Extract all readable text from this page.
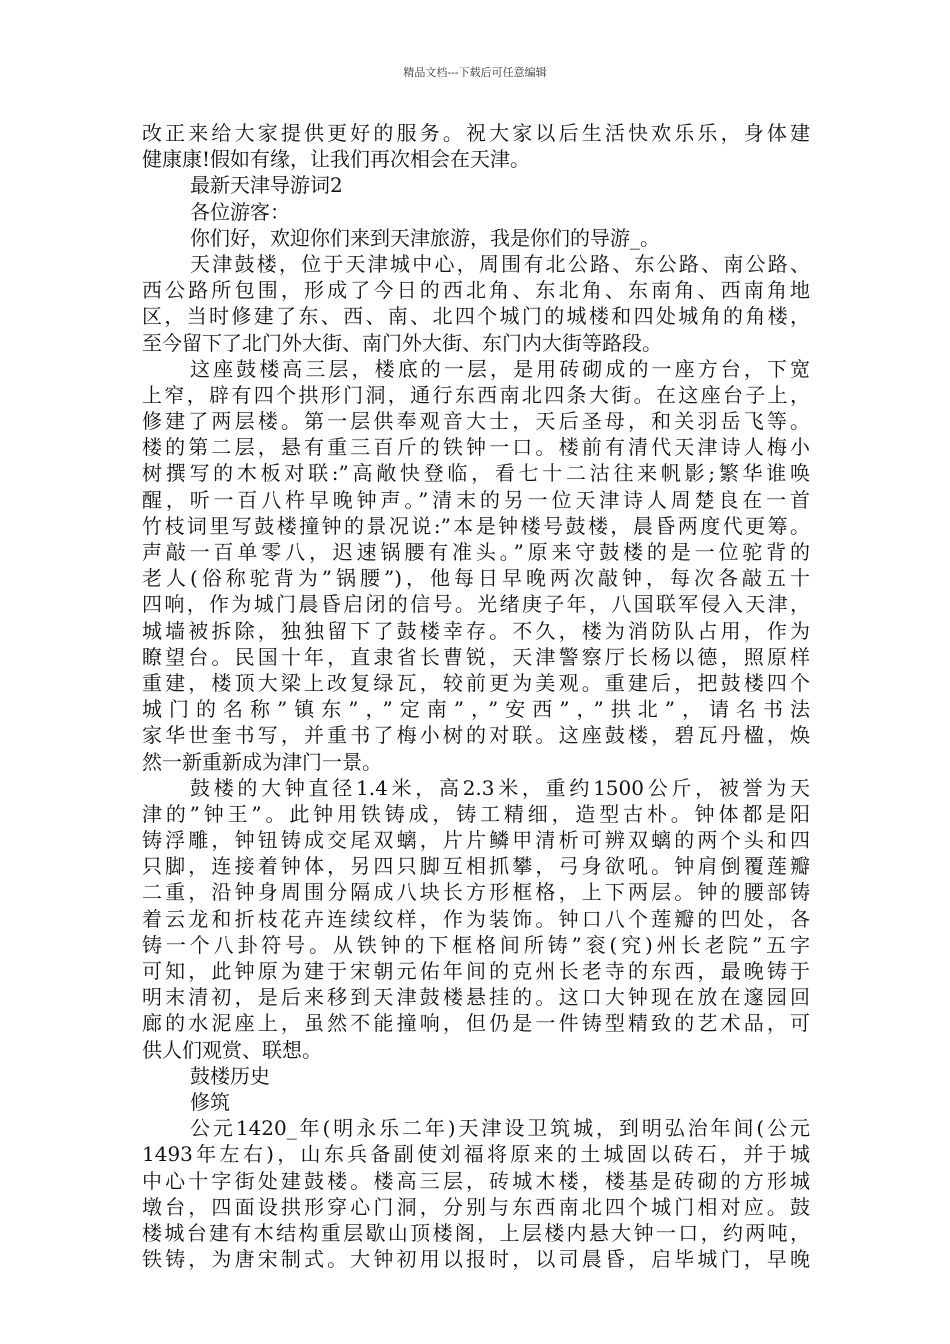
精品文档---下载后可任意编辑
改正来给大家提供更好的服务。祝大家以后生活快欢乐乐，身体建
健康康!假如有缘，让我们再次相会在天津。
最新天津导游词2
各位游客：
你们好，欢迎你们来到天津旅游，我是你们的导游_。
天津鼓楼，位于天津城中心，周围有北公路、东公路、南公路、
西公路所包围，形成了今日的西北角、东北角、东南角、西南角地
区，当时修建了东、西、南、北四个城门的城楼和四处城角的角楼，
至今留下了北门外大街、南门外大街、东门内大街等路段。
这座鼓楼高三层，楼底的一层，是用砖砌成的一座方台，下宽
上窄，辟有四个拱形门洞，通行东西南北四条大街。在这座台子上，
修建了两层楼。第一层供奉观音大士，天后圣母，和关羽岳飞等。
楼的第二层，悬有重三百斤的铁钟一口。楼前有清代天津诗人梅小
树撰写的木板对联:”高敞快登临，看七十二沽往来帆影;繁华谁唤
醒，听一百八杵早晚钟声。”清末的另一位天津诗人周楚良在一首
竹枝词里写鼓楼撞钟的景况说:”本是钟楼号鼓楼，晨昏两度代更筹。
声敲一百单零八，迟速锅腰有准头。”原来守鼓楼的是一位驼背的
老人(俗称驼背为”锅腰”)，他每日早晚两次敲钟，每次各敲五十
四响，作为城门晨昏启闭的信号。光绪庚子年，八国联军侵入天津，
城墙被拆除，独独留下了鼓楼幸存。不久，楼为消防队占用，作为
瞭望台。民国十年，直隶省长曹锐，天津警察厅长杨以德，照原样
重建，楼顶大梁上改复绿瓦，较前更为美观。重建后，把鼓楼四个
城门的名称”镇东”，”定南”，”安西”，”拱北”，请名书法
家华世奎书写，并重书了梅小树的对联。这座鼓楼，碧瓦丹楹，焕
然一新重新成为津门一景。
鼓楼的大钟直径1.4米，高2.3米，重约1500公斤，被誉为天
津的”钟王”。此钟用铁铸成，铸工精细，造型古朴。钟体都是阳
铸浮雕，钟钮铸成交尾双螭，片片鳞甲清析可辨双螭的两个头和四
只脚，连接着钟体，另四只脚互相抓攀，弓身欲吼。钟肩倒覆莲瓣
二重，沿钟身周围分隔成八块长方形框格，上下两层。钟的腰部铸
着云龙和折枝花卉连续纹样，作为装饰。钟口八个莲瓣的凹处，各
铸一个八卦符号。从铁钟的下框格间所铸”衮(究)州长老院”五字
可知，此钟原为建于宋朝元佑年间的克州长老寺的东西，最晚铸于
明末清初，是后来移到天津鼓楼悬挂的。这口大钟现在放在邃园回
廊的水泥座上，虽然不能撞响，但仍是一件铸型精致的艺术品，可
供人们观赏、联想。
鼓楼历史
修筑
公元1420_年(明永乐二年)天津设卫筑城，到明弘治年间(公元
1493年左右)，山东兵备副使刘福将原来的土城固以砖石，并于城
中心十字街处建鼓楼。楼高三层，砖城木楼，楼基是砖砌的方形城
墩台，四面设拱形穿心门洞，分别与东西南北四个城门相对应。鼓
楼城台建有木结构重层歇山顶楼阁，上层楼内悬大钟一口，约两吨，
铁铸，为唐宋制式。大钟初用以报时，以司晨昏，启毕城门，早晚
